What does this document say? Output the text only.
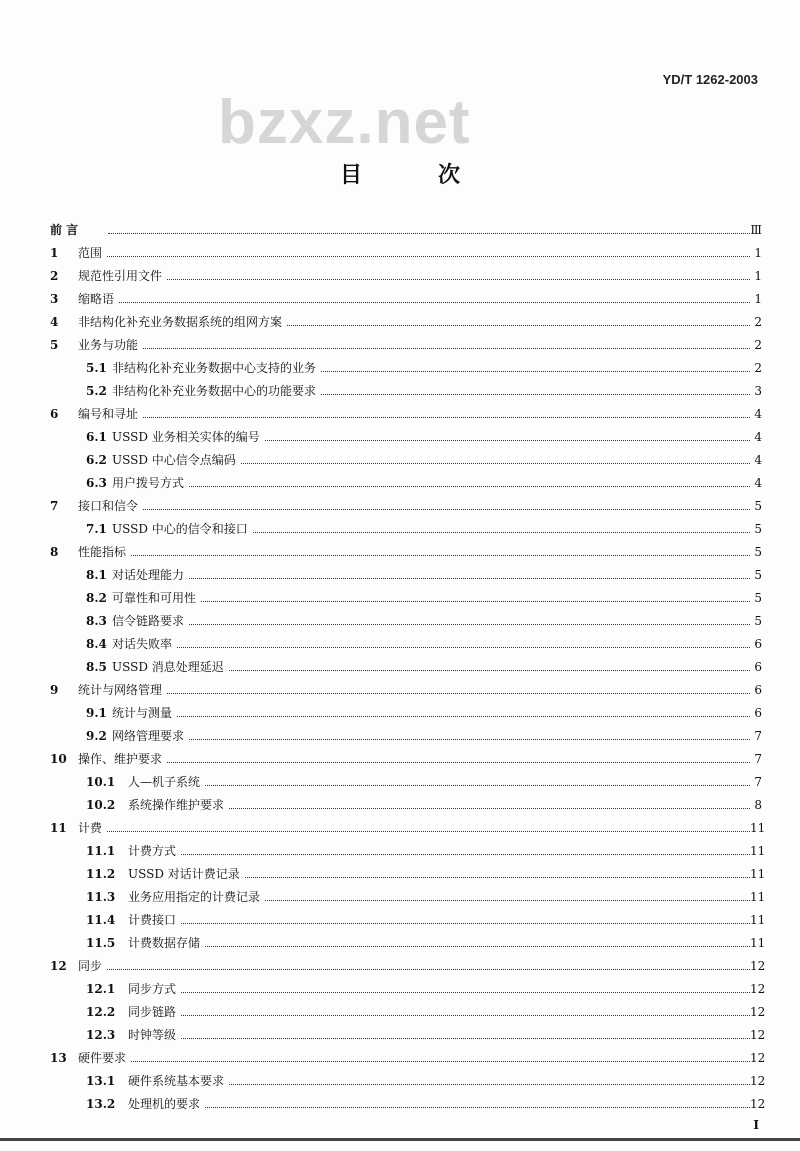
YD/T 1262-2003
bzxz.net
目	次
前 言	Ⅲ
1 范围	1
2 规范性引用文件	1
3 缩略语	1
4 非结构化补充业务数据系统的组网方案	2
5 业务与功能	2
5.1 非结构化补充业务数据中心支持的业务	2
5.2 非结构化补充业务数据中心的功能要求	3
6 编号和寻址	4
6.1 USSD 业务相关实体的编号	4
6.2 USSD 中心信令点编码	4
6.3 用户拨号方式	4
7 接口和信令	5
7.1 USSD 中心的信令和接口	5
8 性能指标	5
8.1 对话处理能力	5
8.2 可靠性和可用性	5
8.3 信令链路要求	5
8.4 对话失败率	6
8.5 USSD 消息处理延迟	6
9 统计与网络管理	6
9.1 统计与测量	6
9.2 网络管理要求	7
10 操作、维护要求	7
10.1 人—机子系统	7
10.2 系统操作维护要求	8
11 计费	11
11.1 计费方式	11
11.2 USSD 对话计费记录	11
11.3 业务应用指定的计费记录	11
11.4 计费接口	11
11.5 计费数据存储	11
12 同步	12
12.1 同步方式	12
12.2 同步链路	12
12.3 时钟等级	12
13 硬件要求	12
13.1 硬件系统基本要求	12
13.2 处理机的要求	12
I
